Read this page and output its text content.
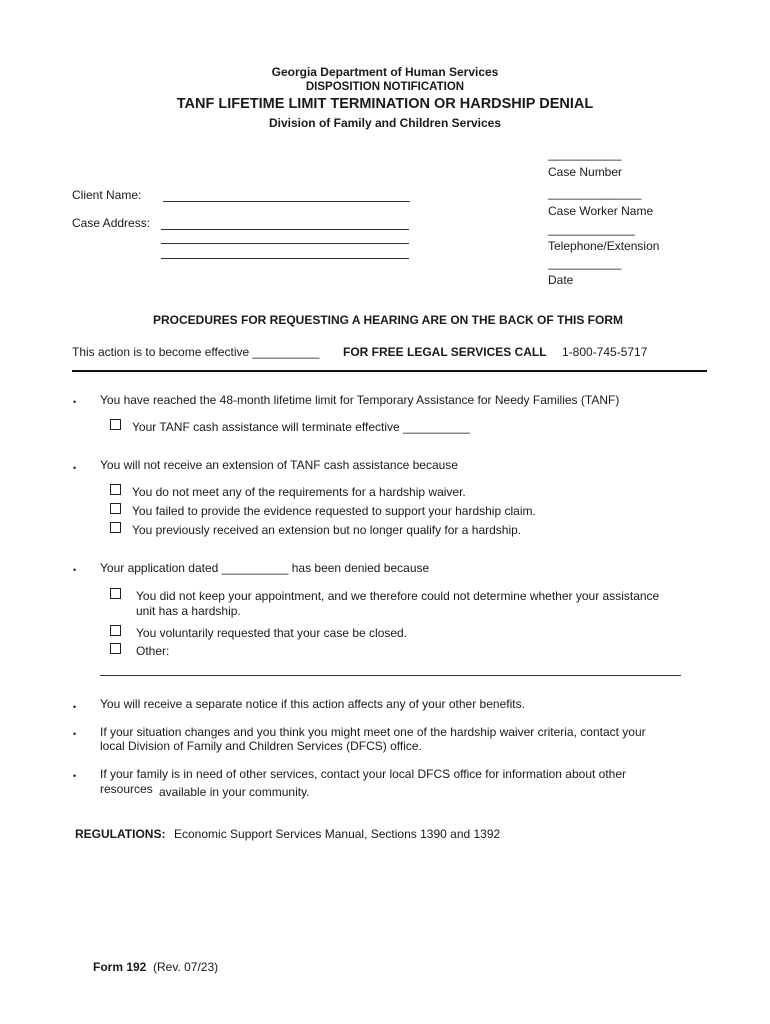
Georgia Department of Human Services
DISPOSITION NOTIFICATION
TANF LIFETIME LIMIT TERMINATION OR HARDSHIP DENIAL
Division of Family and Children Services
___________
Case Number
______________
Case Worker Name
_____________
Telephone/Extension
___________
Date
Client Name:
Case Address:
PROCEDURES FOR REQUESTING A HEARING ARE ON THE BACK OF THIS FORM
This action is to become effective __________ FOR FREE LEGAL SERVICES CALL 1-800-745-5717
• You have reached the 48-month lifetime limit for Temporary Assistance for Needy Families (TANF)
Your TANF cash assistance will terminate effective __________
• You will not receive an extension of TANF cash assistance because
You do not meet any of the requirements for a hardship waiver.
You failed to provide the evidence requested to support your hardship claim.
You previously received an extension but no longer qualify for a hardship.
• Your application dated __________ has been denied because
You did not keep your appointment, and we therefore could not determine whether your assistance
unit has a hardship.
You voluntarily requested that your case be closed.
Other:
• You will receive a separate notice if this action affects any of your other benefits.
• If your situation changes and you think you might meet one of the hardship waiver criteria, contact your
local Division of Family and Children Services (DFCS) office.
• If your family is in need of other services, contact your local DFCS office for information about other
resources available in your community.
REGULATIONS: Economic Support Services Manual, Sections 1390 and 1392
Form 192 (Rev. 07/23)
